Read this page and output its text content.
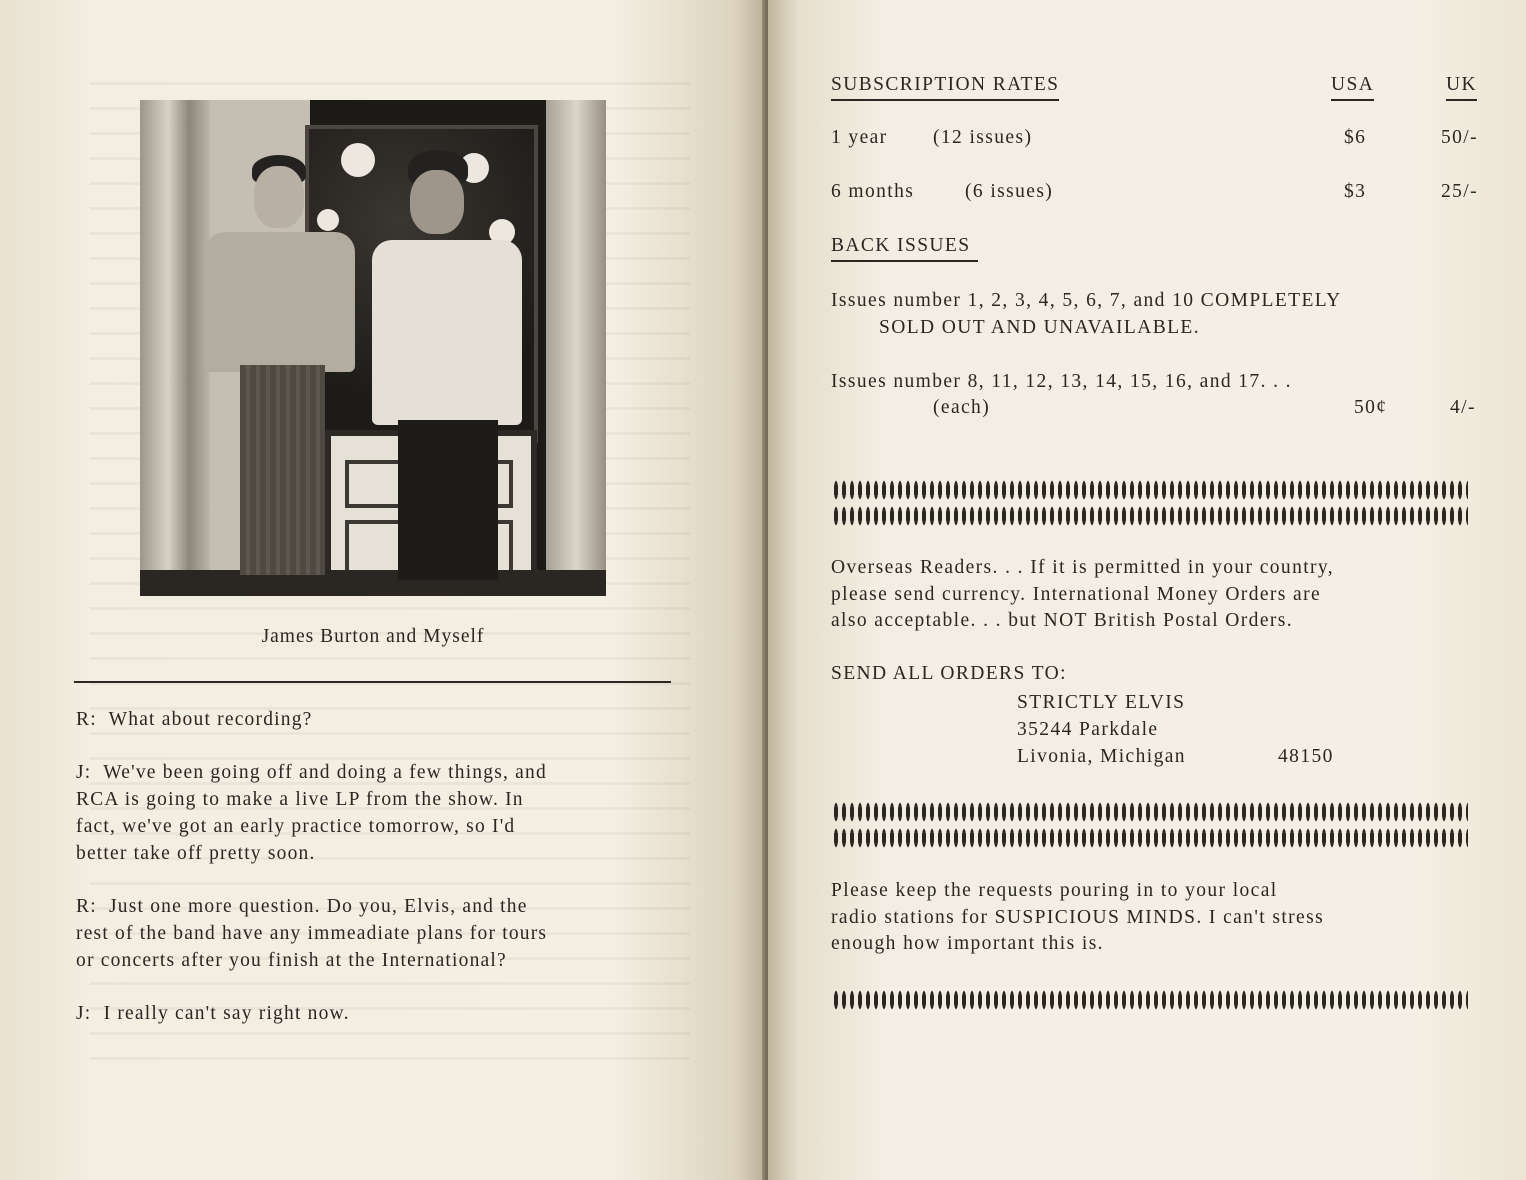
James Burton and Myself

R: What about recording?

J: We've been going off and doing a few things, and
RCA is going to make a live LP from the show. In
fact, we've got an early practice tomorrow, so I'd
better take off pretty soon.

R: Just one more question. Do you, Elvis, and the
rest of the band have any immeadiate plans for tours
or concerts after you finish at the International?

J: I really can't say right now.

SUBSCRIPTION RATES	USA	UK
1 year (12 issues)	$6	50/-
6 months	(6 issues)	$3	25/-
BACK ISSUES
Issues number 1, 2, 3, 4, 5, 6, 7, and 10 COMPLETELY
SOLD OUT AND UNAVAILABLE.
Issues number 8, 11, 12, 13, 14, 15, 16, and 17. . .
(each)	50¢	4/-
Overseas Readers. . . If it is permitted in your country,
please send currency. International Money Orders are
also acceptable. . . but NOT British Postal Orders.
SEND ALL ORDERS TO:
STRICTLY ELVIS
35244 Parkdale
Livonia, Michigan	48150
Please keep the requests pouring in to your local
radio stations for SUSPICIOUS MINDS. I can't stress
enough how important this is.
